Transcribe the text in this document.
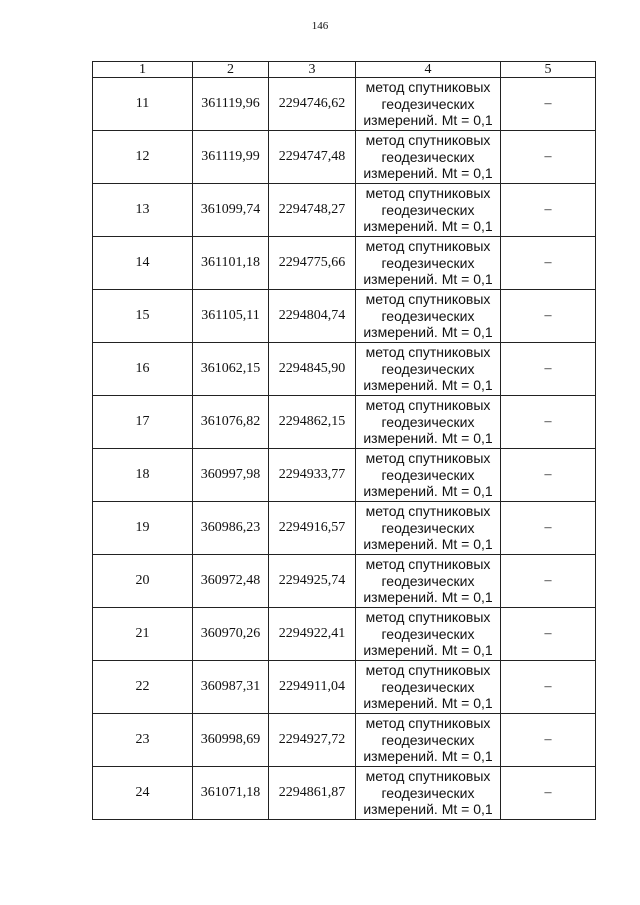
146
1	2	3	4	5
11	361119,96	2294746,62	метод спутниковых
геодезических
измерений. Mt = 0,1	–
12	361119,99	2294747,48	метод спутниковых
геодезических
измерений. Mt = 0,1	–
13	361099,74	2294748,27	метод спутниковых
геодезических
измерений. Mt = 0,1	–
14	361101,18	2294775,66	метод спутниковых
геодезических
измерений. Mt = 0,1	–
15	361105,11	2294804,74	метод спутниковых
геодезических
измерений. Mt = 0,1	–
16	361062,15	2294845,90	метод спутниковых
геодезических
измерений. Mt = 0,1	–
17	361076,82	2294862,15	метод спутниковых
геодезических
измерений. Mt = 0,1	–
18	360997,98	2294933,77	метод спутниковых
геодезических
измерений. Mt = 0,1	–
19	360986,23	2294916,57	метод спутниковых
геодезических
измерений. Mt = 0,1	–
20	360972,48	2294925,74	метод спутниковых
геодезических
измерений. Mt = 0,1	–
21	360970,26	2294922,41	метод спутниковых
геодезических
измерений. Mt = 0,1	–
22	360987,31	2294911,04	метод спутниковых
геодезических
измерений. Mt = 0,1	–
23	360998,69	2294927,72	метод спутниковых
геодезических
измерений. Mt = 0,1	–
24	361071,18	2294861,87	метод спутниковых
геодезических
измерений. Mt = 0,1	–
